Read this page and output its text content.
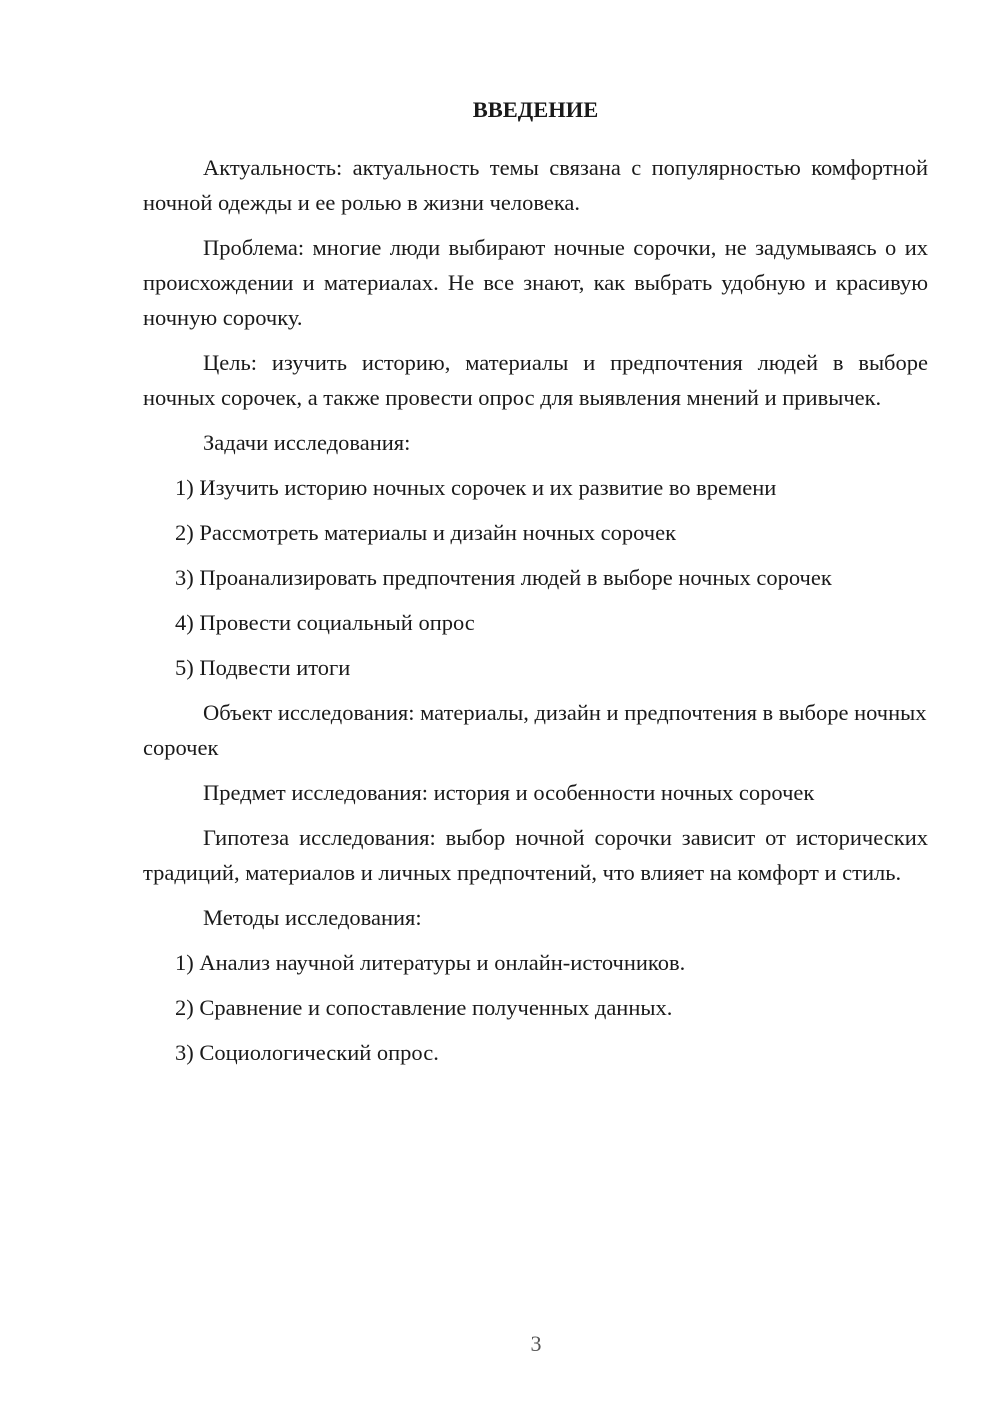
ВВЕДЕНИЕ

Актуальность: актуальность темы связана с популярностью комфортной ночной одежды и ее ролью в жизни человека.

Проблема: многие люди выбирают ночные сорочки, не задумываясь о их происхождении и материалах. Не все знают, как выбрать удобную и красивую ночную сорочку.

Цель: изучить историю, материалы и предпочтения людей в выборе ночных сорочек, а также провести опрос для выявления мнений и привычек.

Задачи исследования:

1) Изучить историю ночных сорочек и их развитие во времени
2) Рассмотреть материалы и дизайн ночных сорочек
3) Проанализировать предпочтения людей в выборе ночных сорочек
4) Провести социальный опрос
5) Подвести итоги

Объект исследования: материалы, дизайн и предпочтения в выборе ночных сорочек

Предмет исследования: история и особенности ночных сорочек

Гипотеза исследования: выбор ночной сорочки зависит от исторических традиций, материалов и личных предпочтений, что влияет на комфорт и стиль.

Методы исследования:

1) Анализ научной литературы и онлайн-источников.
2) Сравнение и сопоставление полученных данных.
3) Социологический опрос.
3
